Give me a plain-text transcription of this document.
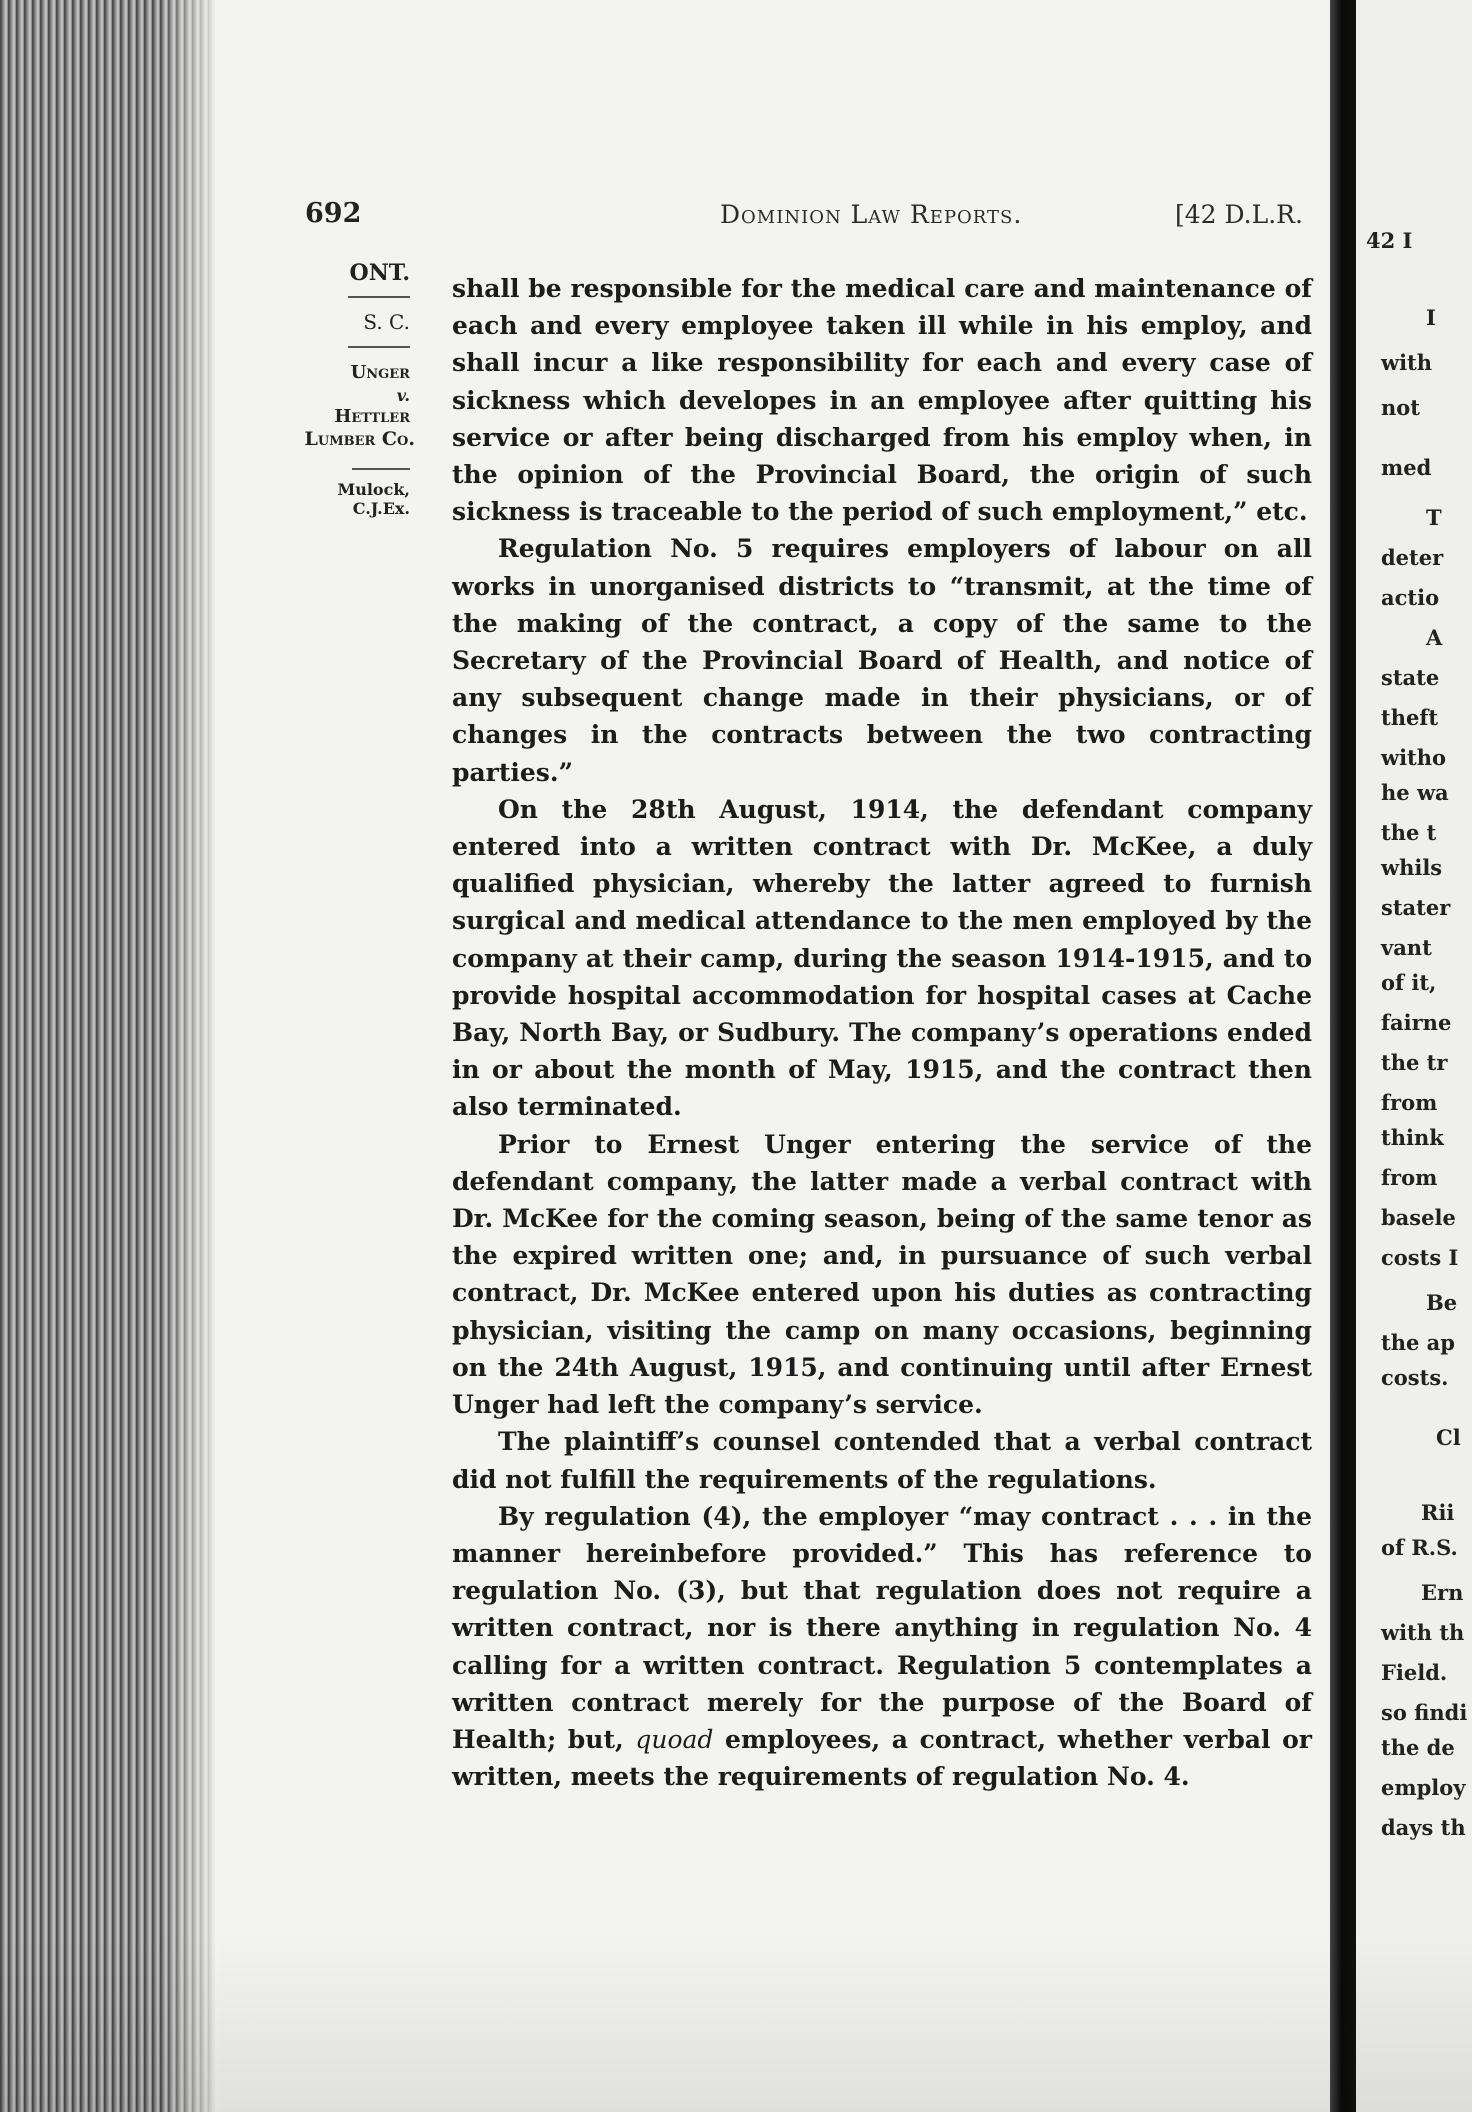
692	Dominion Law Reports.	[42 D.L.R.
ONT.
S. C.
Unger
v.
Hettler
Lumber Co.
Mulock, C.J.Ex.

shall be responsible for the medical care and maintenance of each and every employee taken ill while in his employ, and shall incur a like responsibility for each and every case of sickness which developes in an employee after quitting his service or after being discharged from his employ when, in the opinion of the Provincial Board, the origin of such sickness is traceable to the period of such employment,” etc.

Regulation No. 5 requires employers of labour on all works in unorganised districts to “transmit, at the time of the making of the contract, a copy of the same to the Secretary of the Provincial Board of Health, and notice of any subsequent change made in their physicians, or of changes in the contracts between the two contracting parties.”

On the 28th August, 1914, the defendant company entered into a written contract with Dr. McKee, a duly qualified physician, whereby the latter agreed to furnish surgical and medical attendance to the men employed by the company at their camp, during the season 1914-1915, and to provide hospital accommodation for hospital cases at Cache Bay, North Bay, or Sudbury. The company’s operations ended in or about the month of May, 1915, and the contract then also terminated.

Prior to Ernest Unger entering the service of the defendant company, the latter made a verbal contract with Dr. McKee for the coming season, being of the same tenor as the expired written one; and, in pursuance of such verbal contract, Dr. McKee entered upon his duties as contracting physician, visiting the camp on many occasions, beginning on the 24th August, 1915, and continuing until after Ernest Unger had left the company’s service.

The plaintiff’s counsel contended that a verbal contract did not fulfill the requirements of the regulations.

By regulation (4), the employer “may contract . . . in the manner hereinbefore provided.” This has reference to regulation No. (3), but that regulation does not require a written contract, nor is there anything in regulation No. 4 calling for a written contract. Regulation 5 contemplates a written contract merely for the purpose of the Board of Health; but, quoad employees, a contract, whether verbal or written, meets the requirements of regulation No. 4.

42 I
I
with
not
med
T
deter
actio
A
state
theft
witho
he wa
the t
whils
stater
vant
of it,
fairne
the tr
from
think
from
basele
costs I
Be
the ap
costs.
Cl
Rii
of R.S.
Ern
with th
Field.
so findi
the de
employ
days th
